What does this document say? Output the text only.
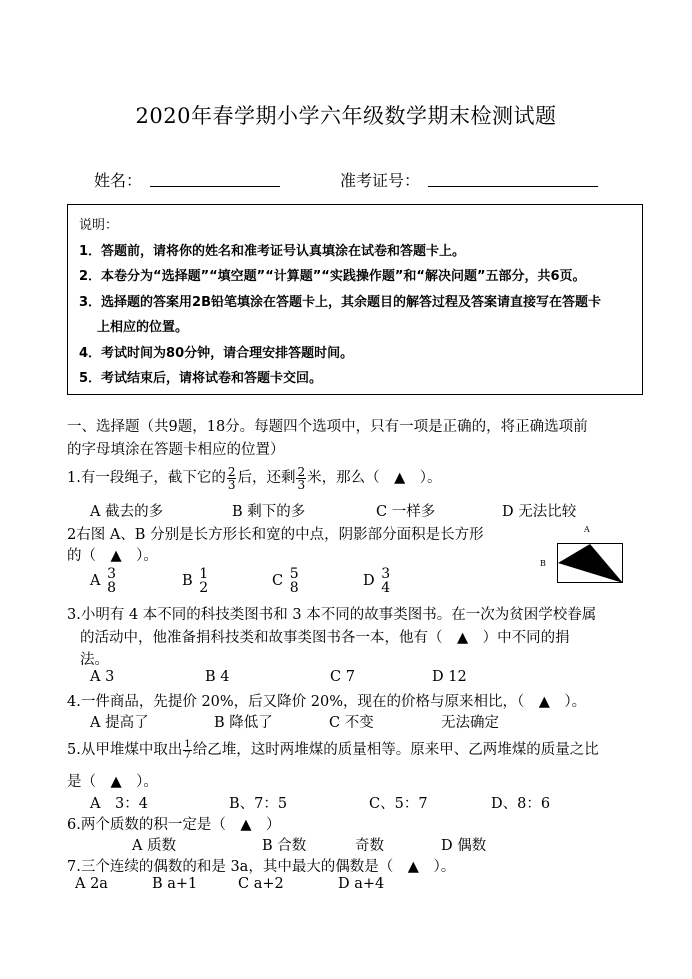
2020年春学期小学六年级数学期末检测试题
姓名：	准考证号：
说明：
1．答题前，请将你的姓名和准考证号认真填涂在试卷和答题卡上。
2．本卷分为“选择题”“填空题”“计算题”“实践操作题”和“解决问题”五部分，共6页。
3．选择题的答案用2B铅笔填涂在答题卡上，其余题目的解答过程及答案请直接写在答题卡
上相应的位置。
4．考试时间为80分钟，请合理安排答题时间。
5．考试结束后，请将试卷和答题卡交回。
一、选择题（共9题，18分。每题四个选项中，只有一项是正确的，将正确选项前
的字母填涂在答题卡相应的位置）
1.有一段绳子，截下它的 $\frac{2}{3}$ 后，还剩 $\frac{2}{3}$ 米，那么（　▲　）。
A 截去的多	B 剩下的多	C 一样多	D 无法比较
2右图 A、B 分别是长方形长和宽的中点，阴影部分面积是长方形
的（　▲　）。
A
B
A 3
8	B 1
2	C 5
8	D 3
4
3.小明有 4 本不同的科技类图书和 3 本不同的故事类图书。在一次为贫困学校眷属
的活动中，他准备捐科技类和故事类图书各一本，他有（　▲　）中不同的捐
法。
A 3	B 4	C 7	D 12
4.一件商品，先提价 20%，后又降价 20%，现在的价格与原来相比，（　▲　）。
A 提高了	B 降低了	C 不变	无法确定
5.从甲堆煤中取出 $\frac{1}{7}$ 给乙堆，这时两堆煤的质量相等。原来甲、乙两堆煤的质量之比
是（　▲　）。
A　3：4	B、7：5	C、5：7	D、8：6
6.两个质数的积一定是（　▲　）
A 质数	B 合数	奇数	D 偶数
7.三个连续的偶数的和是 3a，其中最大的偶数是（　▲　）。
A 2a	B a+1	C a+2	D a+4
